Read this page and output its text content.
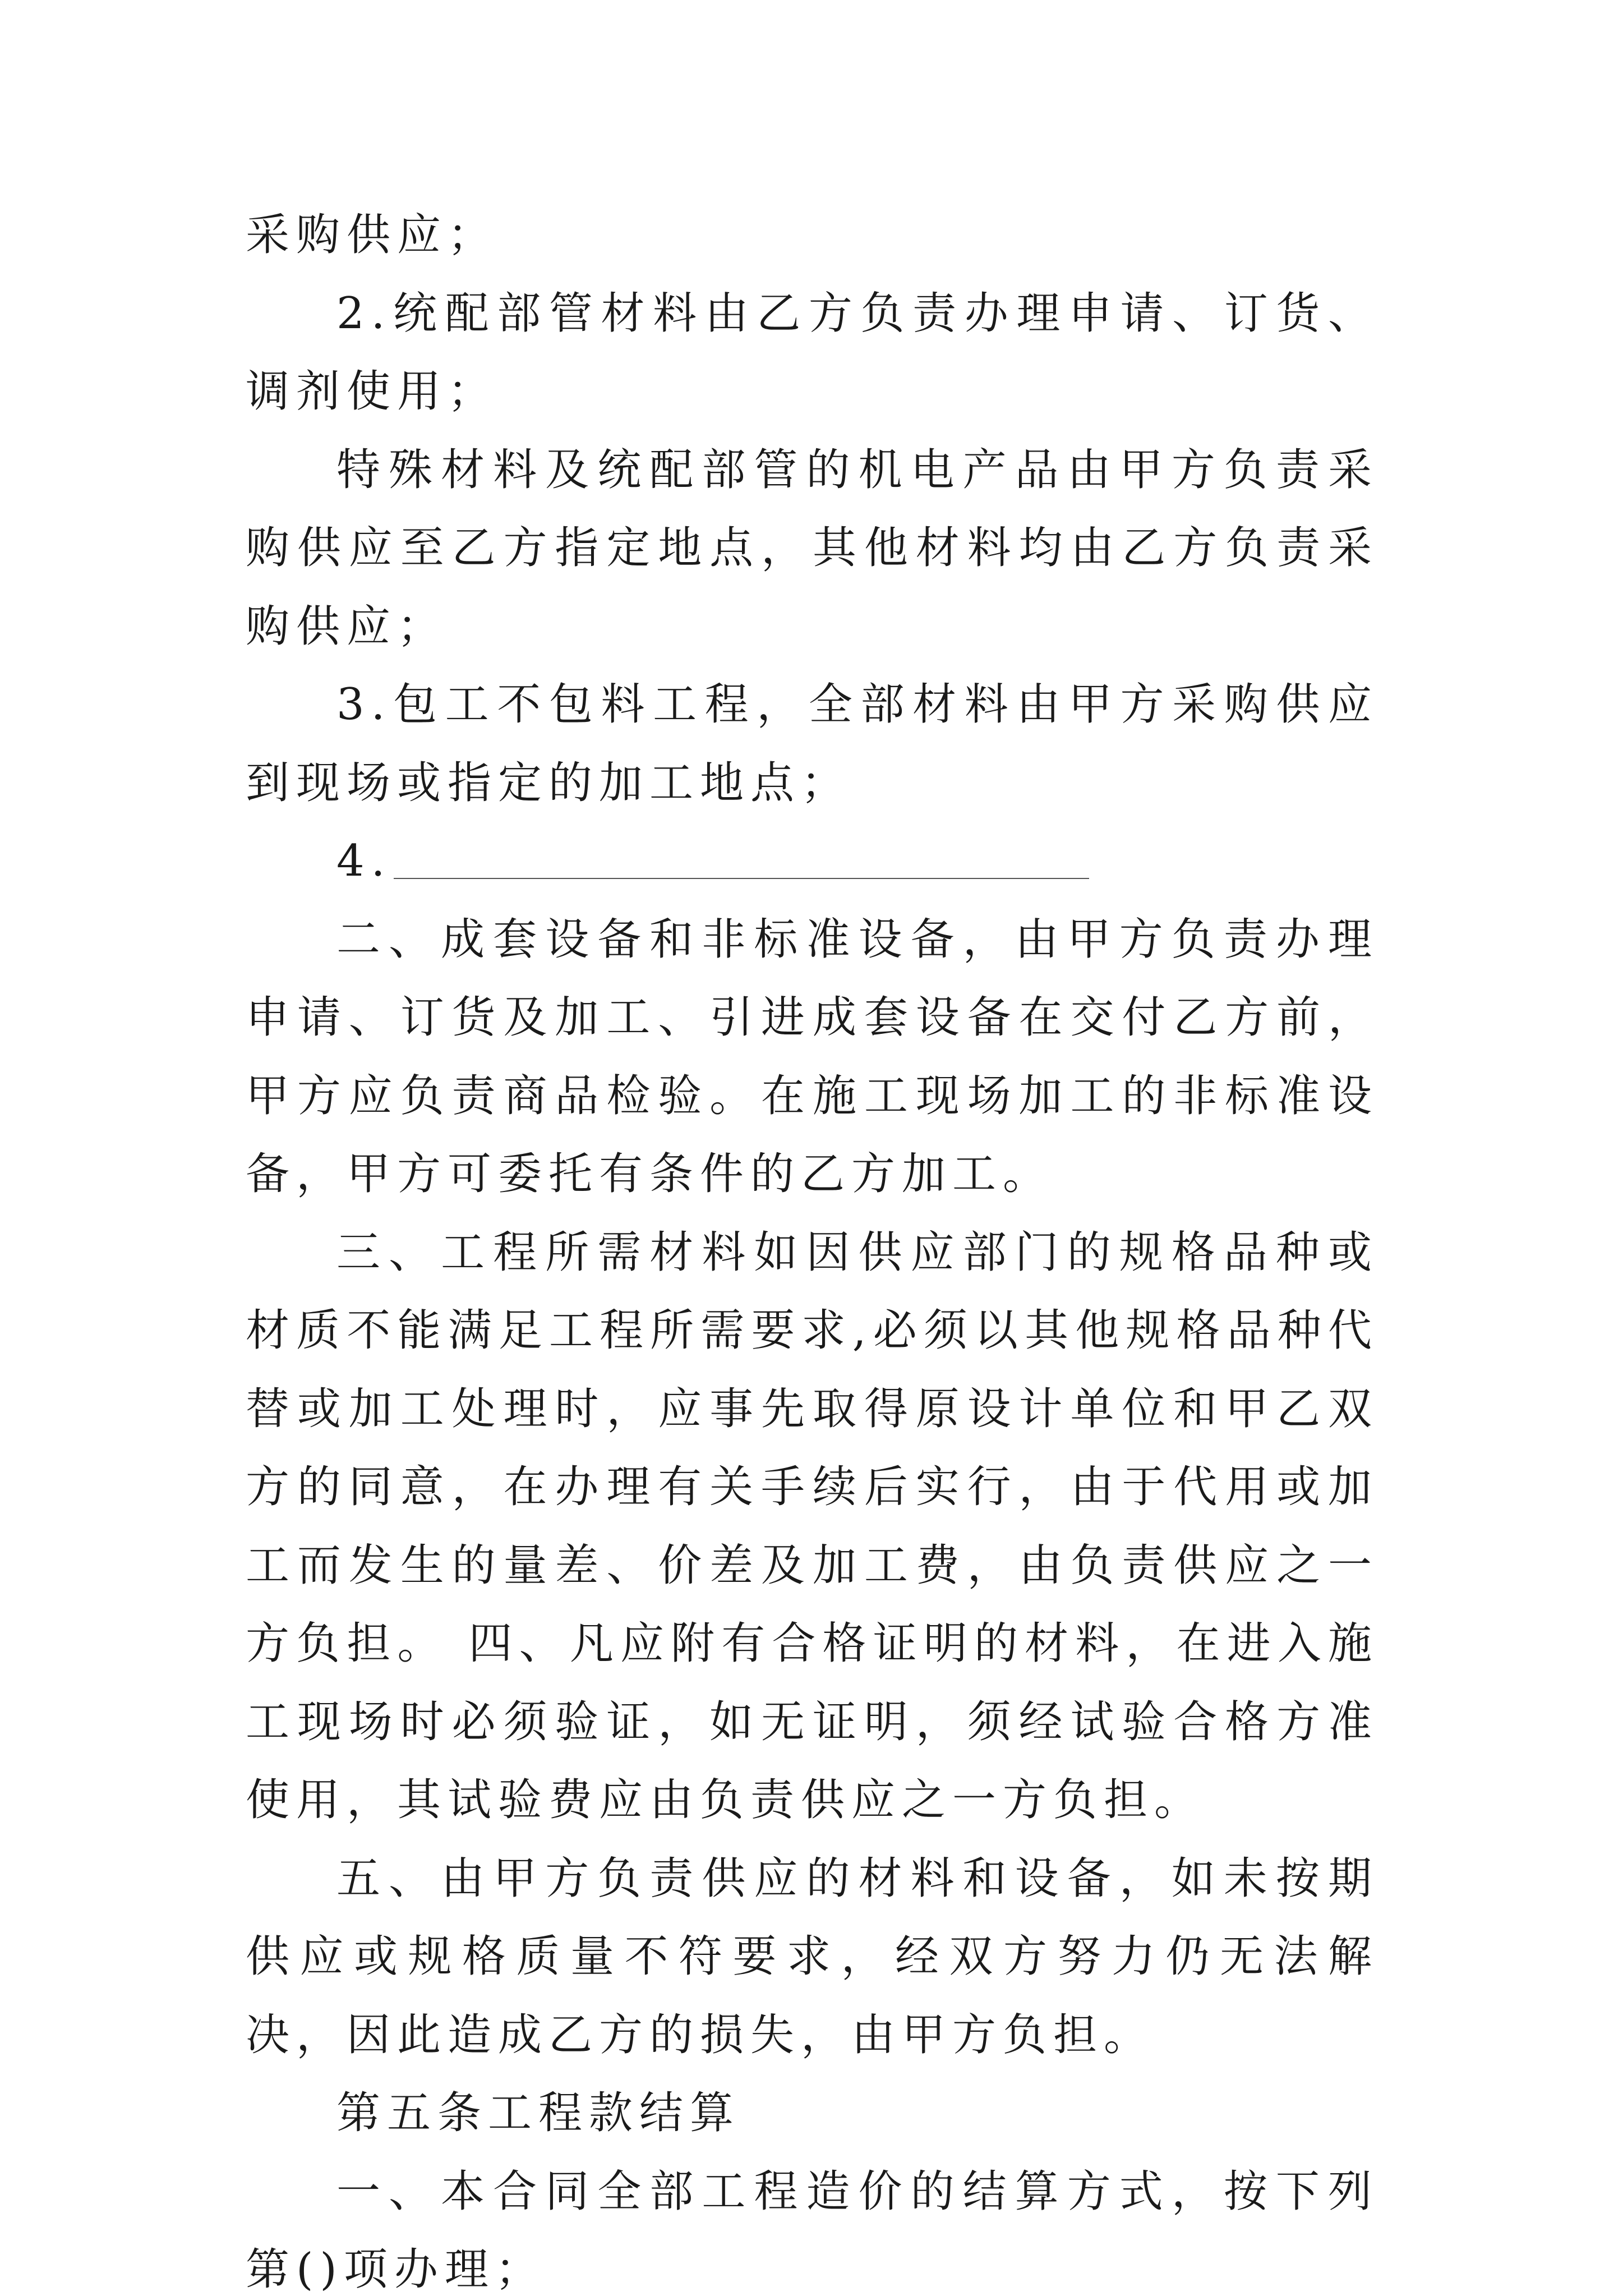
采购供应；

2.统配部管材料由乙方负责办理申请、订货、调剂使用；

特殊材料及统配部管的机电产品由甲方负责采购供应至乙方指定地点，其他材料均由乙方负责采购供应；

3.包工不包料工程，全部材料由甲方采购供应到现场或指定的加工地点；

4.

二、成套设备和非标准设备，由甲方负责办理申请、订货及加工、引进成套设备在交付乙方前，甲方应负责商品检验。在施工现场加工的非标准设备，甲方可委托有条件的乙方加工。

三、工程所需材料如因供应部门的规格品种或材质不能满足工程所需要求,必须以其他规格品种代替或加工处理时，应事先取得原设计单位和甲乙双方的同意，在办理有关手续后实行，由于代用或加工而发生的量差、价差及加工费，由负责供应之一方负担。 四、凡应附有合格证明的材料，在进入施工现场时必须验证，如无证明，须经试验合格方准使用，其试验费应由负责供应之一方负担。

五、由甲方负责供应的材料和设备，如未按期供应或规格质量不符要求，经双方努力仍无法解决，因此造成乙方的损失，由甲方负担。

第五条工程款结算

一、本合同全部工程造价的结算方式，按下列第()项办理；
